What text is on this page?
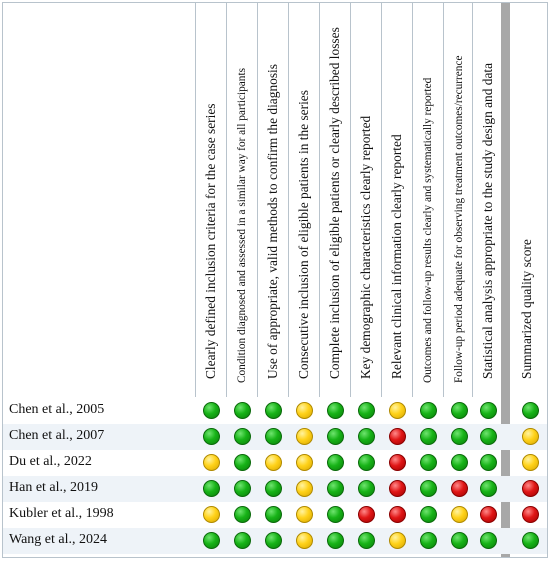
Clearly defined inclusion criteria for the case series Condition diagnosed and assessed in a similar way for all participants Use of appropriate, valid methods to confirm the diagnosis Consecutive inclusion of eligible patients in the series Complete inclusion of eligible patients or clearly described losses Key demographic characteristics clearly reported Relevant clinical information clearly reported Outcomes and follow-up results clearly and systematically reported Follow-up period adequate for observing treatment outcomes/recurrence Statistical analysis appropriate to the study design and data Summarized quality score
Chen et al., 2005
Chen et al., 2007
Du et al., 2022
Han et al., 2019
Kubler et al., 1998
Wang et al., 2024
